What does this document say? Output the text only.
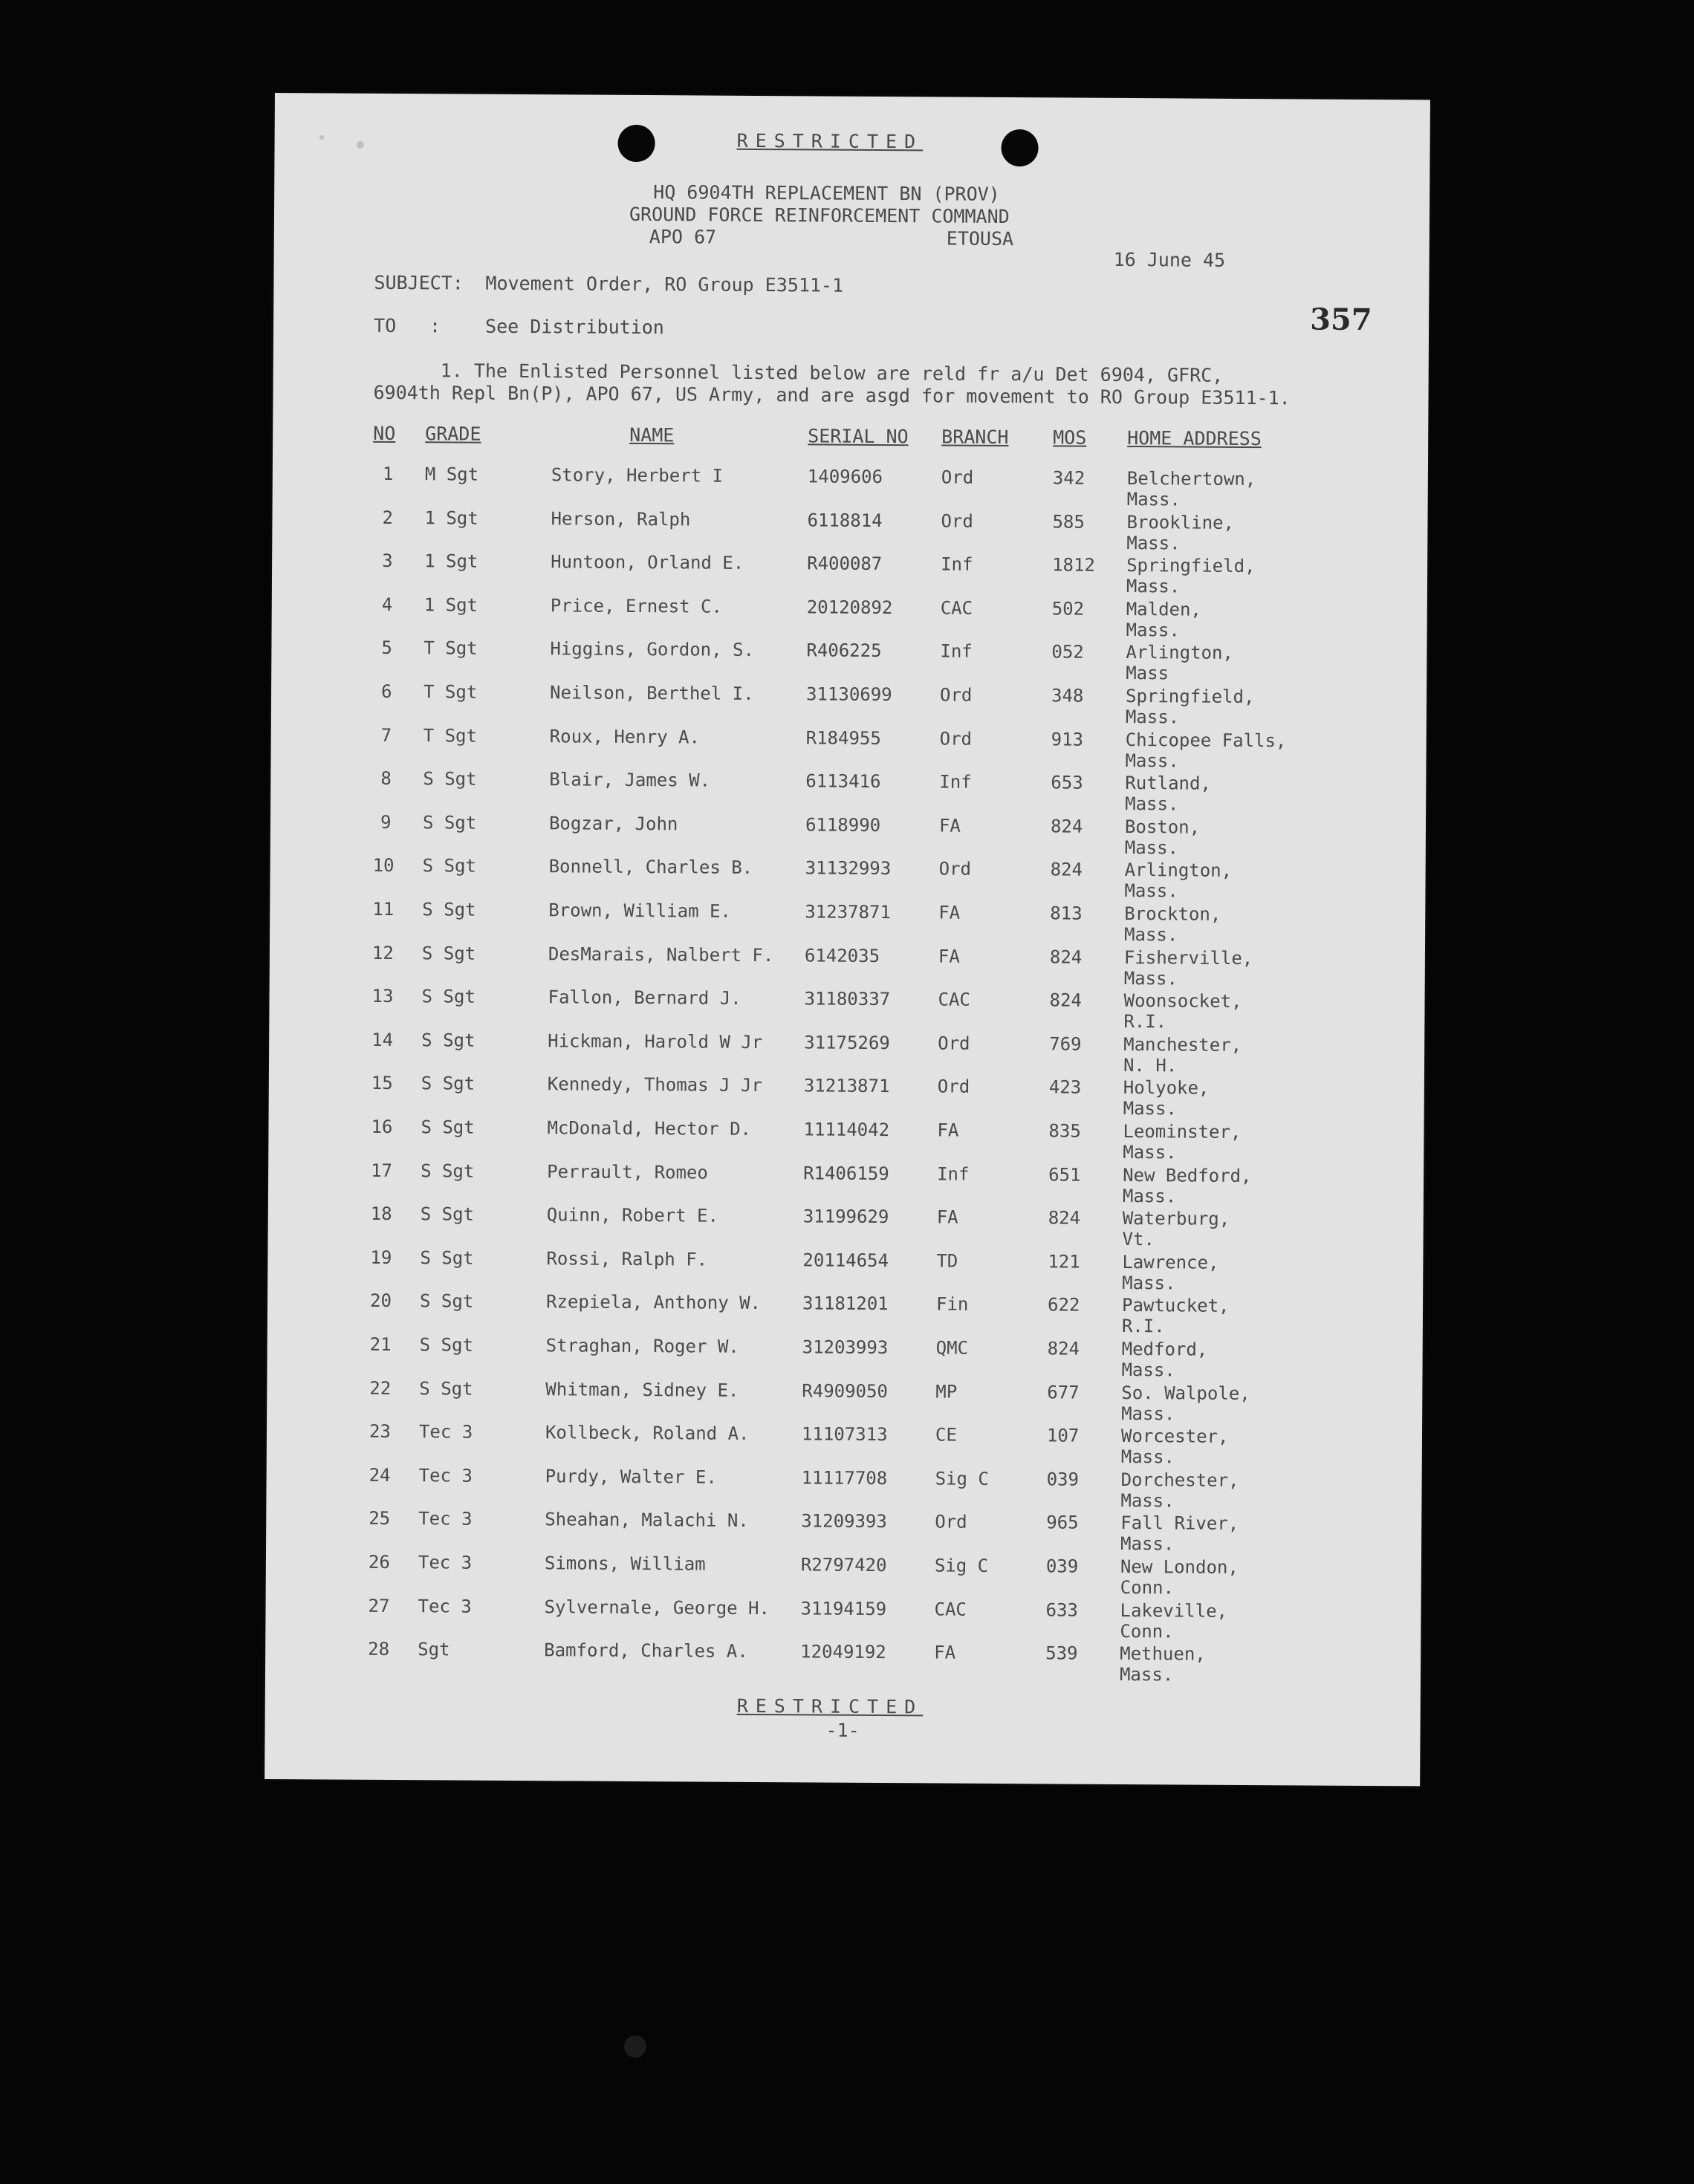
RESTRICTED
HQ 6904TH REPLACEMENT BN (PROV)
GROUND FORCE REINFORCEMENT COMMAND
APO 67	ETOUSA
16 June 45
357
SUBJECT: Movement Order, RO Group E3511-1
TO : See Distribution
1. The Enlisted Personnel listed below are reld fr a/u Det 6904, GFRC,
6904th Repl Bn(P), APO 67, US Army, and are asgd for movement to RO Group E3511-1.
NO GRADE	NAME	SERIAL NO BRANCH MOS HOME ADDRESS
1 M Sgt	Story, Herbert I	1409606	Ord	342 Belchertown,
Mass.
2 1 Sgt	Herson, Ralph	6118814	Ord	585 Brookline,
Mass.
3 1 Sgt	Huntoon, Orland E.	R400087	Inf	1812 Springfield,
Mass.
4 1 Sgt	Price, Ernest C.	20120892	CAC	502 Malden,
Mass.
5 T Sgt	Higgins, Gordon, S.	R406225	Inf	052 Arlington,
Mass
6 T Sgt	Neilson, Berthel I.	31130699	Ord	348 Springfield,
Mass.
7 T Sgt	Roux, Henry A.	R184955	Ord	913 Chicopee Falls,
Mass.
8 S Sgt	Blair, James W.	6113416	Inf	653 Rutland,
Mass.
9 S Sgt	Bogzar, John	6118990	FA	824 Boston,
Mass.
10 S Sgt	Bonnell, Charles B.	31132993	Ord	824 Arlington,
Mass.
11 S Sgt	Brown, William E.	31237871	FA	813 Brockton,
Mass.
12 S Sgt	DesMarais, Nalbert F. 6142035	FA	824 Fisherville,
Mass.
13 S Sgt	Fallon, Bernard J.	31180337	CAC	824 Woonsocket,
R.I.
14 S Sgt	Hickman, Harold W Jr 31175269	Ord	769 Manchester,
N. H.
15 S Sgt	Kennedy, Thomas J Jr 31213871	Ord	423 Holyoke,
Mass.
16 S Sgt	McDonald, Hector D.	11114042	FA	835 Leominster,
Mass.
17 S Sgt	Perrault, Romeo	R1406159	Inf	651 New Bedford,
Mass.
18 S Sgt	Quinn, Robert E.	31199629	FA	824 Waterburg,
Vt.
19 S Sgt	Rossi, Ralph F.	20114654	TD	121 Lawrence,
Mass.
20 S Sgt	Rzepiela, Anthony W. 31181201	Fin	622 Pawtucket,
R.I.
21 S Sgt	Straghan, Roger W.	31203993	QMC	824 Medford,
Mass.
22 S Sgt	Whitman, Sidney E.	R4909050	MP	677 So. Walpole,
Mass.
23 Tec 3	Kollbeck, Roland A.	11107313	CE	107 Worcester,
Mass.
24 Tec 3	Purdy, Walter E.	11117708	Sig C	039 Dorchester,
Mass.
25 Tec 3	Sheahan, Malachi N.	31209393	Ord	965 Fall River,
Mass.
26 Tec 3	Simons, William	R2797420	Sig C	039 New London,
Conn.
27 Tec 3	Sylvernale, George H. 31194159	CAC	633 Lakeville,
Conn.
28 Sgt	Bamford, Charles A.	12049192	FA	539 Methuen,
Mass.
RESTRICTED
-1-
